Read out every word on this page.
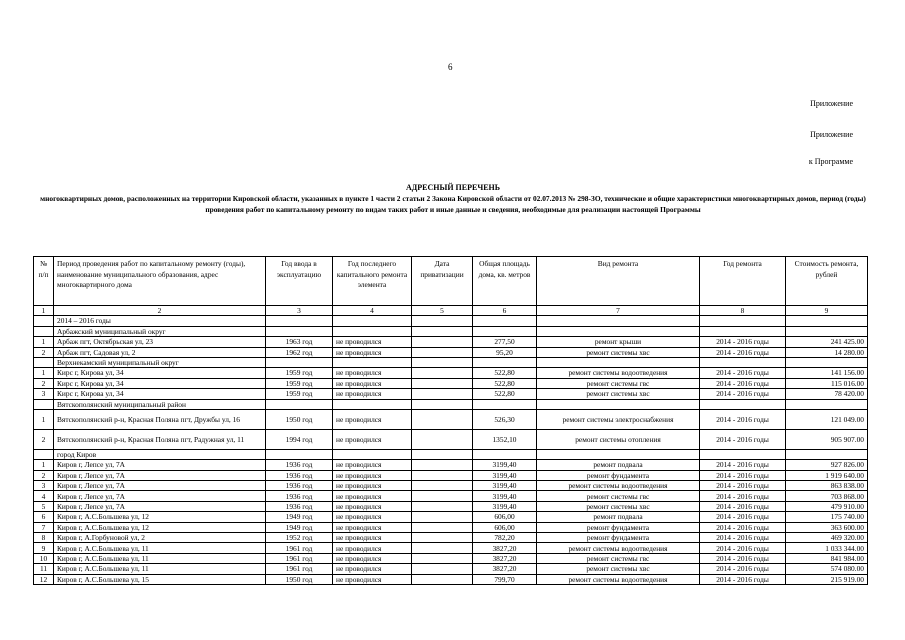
6
Приложение
Приложение
к Программе
АДРЕСНЫЙ ПЕРЕЧЕНЬ
многоквартирных домов, расположенных на территории Кировской области, указанных в пункте 1 части 2 статьи 2 Закона Кировской области от 02.07.2013 № 298-ЗО, технические и общие характеристики многоквартирных домов, период (годы) проведения работ по капитальному ремонту по видам таких работ и иные данные и сведения, необходимые для реализации настоящей Программы
№ п/п	Период проведения работ по капитальному ремонту (годы), наименование муниципального образования, адрес многоквартирного дома	Год ввода в эксплуатацию	Год последнего капитального ремонта элемента	Дата приватизации	Общая площадь дома, кв. метров	Вид ремонта	Год ремонта	Стоимость ремонта, рублей
1	2	3	4	5	6	7	8	9
	2014 – 2016 годы							
	Арбажский муниципальный округ							
1	Арбаж пгт, Октябрьская ул, 23	1963 год	не проводился		277,50	ремонт крыши	2014 - 2016 годы	241 425.00
2	Арбаж пгт, Садовая ул, 2	1962 год	не проводился		95,20	ремонт системы хвс	2014 - 2016 годы	14 280.00
	Верхнекамский муниципальный округ							
1	Кирс г, Кирова ул, 34	1959 год	не проводился		522,80	ремонт системы водоотведения	2014 - 2016 годы	141 156.00
2	Кирс г, Кирова ул, 34	1959 год	не проводился		522,80	ремонт системы гвс	2014 - 2016 годы	115 016.00
3	Кирс г, Кирова ул, 34	1959 год	не проводился		522,80	ремонт системы хвс	2014 - 2016 годы	78 420.00
	Вятскополянский муниципальный район							
1	Вятскополянский р-н, Красная Поляна пгт, Дружбы ул, 16	1950 год	не проводился		526,30	ремонт системы электроснабжения	2014 - 2016 годы	121 049.00
2	Вятскополянский р-н, Красная Поляна пгт, Радужная ул, 11	1994 год	не проводился		1352,10	ремонт системы отопления	2014 - 2016 годы	905 907.00
	город Киров							
1	Киров г, Лепсе ул, 7А	1936 год	не проводился		3199,40	ремонт подвала	2014 - 2016 годы	927 826.00
2	Киров г, Лепсе ул, 7А	1936 год	не проводился		3199,40	ремонт фундамента	2014 - 2016 годы	1 919 640.00
3	Киров г, Лепсе ул, 7А	1936 год	не проводился		3199,40	ремонт системы водоотведения	2014 - 2016 годы	863 838.00
4	Киров г, Лепсе ул, 7А	1936 год	не проводился		3199,40	ремонт системы гвс	2014 - 2016 годы	703 868.00
5	Киров г, Лепсе ул, 7А	1936 год	не проводился		3199,40	ремонт системы хвс	2014 - 2016 годы	479 910.00
6	Киров г, А.С.Большева ул, 12	1949 год	не проводился		606,00	ремонт подвала	2014 - 2016 годы	175 740.00
7	Киров г, А.С.Большева ул, 12	1949 год	не проводился		606,00	ремонт фундамента	2014 - 2016 годы	363 600.00
8	Киров г, А.Горбуновой ул, 2	1952 год	не проводился		782,20	ремонт фундамента	2014 - 2016 годы	469 320.00
9	Киров г, А.С.Большева ул, 11	1961 год	не проводился		3827,20	ремонт системы водоотведения	2014 - 2016 годы	1 033 344.00
10	Киров г, А.С.Большева ул, 11	1961 год	не проводился		3827,20	ремонт системы гвс	2014 - 2016 годы	841 984.00
11	Киров г, А.С.Большева ул, 11	1961 год	не проводился		3827,20	ремонт системы хвс	2014 - 2016 годы	574 080.00
12	Киров г, А.С.Большева ул, 15	1950 год	не проводился		799,70	ремонт системы водоотведения	2014 - 2016 годы	215 919.00
